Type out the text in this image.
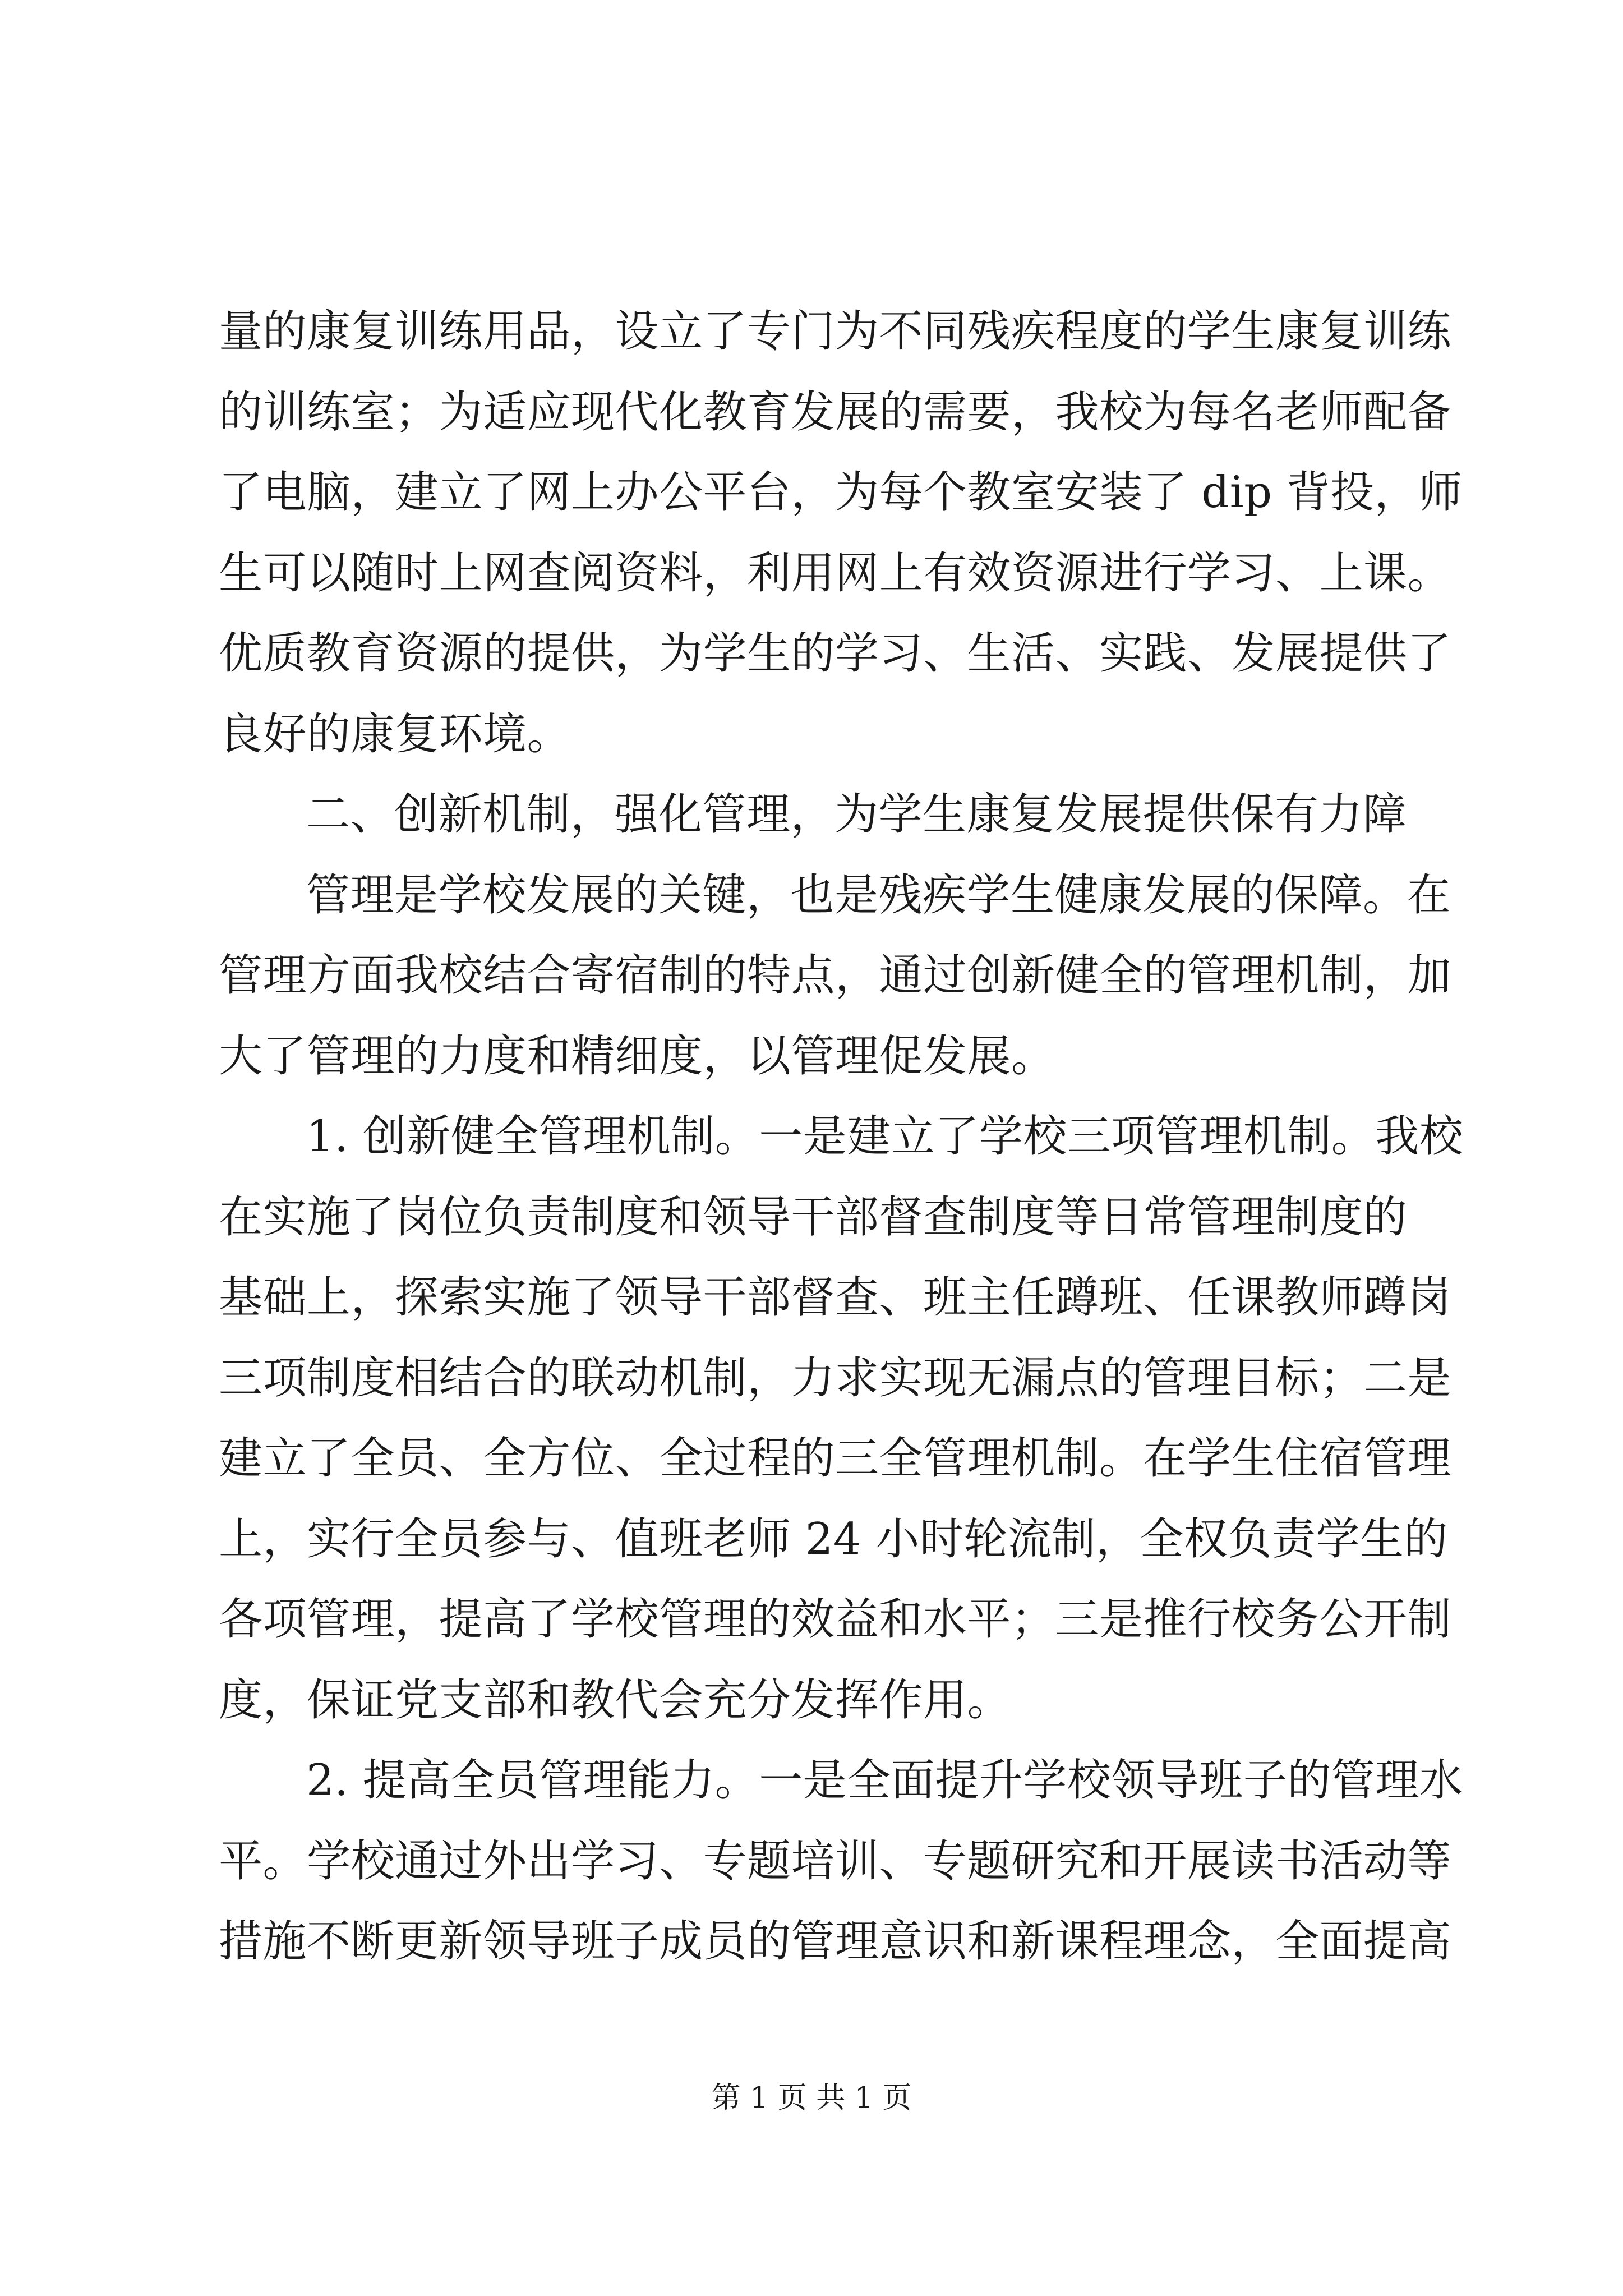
量的康复训练用品，设立了专门为不同残疾程度的学生康复训练
的训练室；为适应现代化教育发展的需要，我校为每名老师配备
了电脑，建立了网上办公平台，为每个教室安装了 dip 背投，师
生可以随时上网查阅资料，利用网上有效资源进行学习、上课。
优质教育资源的提供，为学生的学习、生活、实践、发展提供了
良好的康复环境。
二、创新机制，强化管理，为学生康复发展提供保有力障
管理是学校发展的关键，也是残疾学生健康发展的保障。在
管理方面我校结合寄宿制的特点，通过创新健全的管理机制，加
大了管理的力度和精细度，以管理促发展。
1. 创新健全管理机制。一是建立了学校三项管理机制。我校
在实施了岗位负责制度和领导干部督查制度等日常管理制度的
基础上，探索实施了领导干部督查、班主任蹲班、任课教师蹲岗
三项制度相结合的联动机制，力求实现无漏点的管理目标；二是
建立了全员、全方位、全过程的三全管理机制。在学生住宿管理
上，实行全员参与、值班老师 24 小时轮流制，全权负责学生的
各项管理，提高了学校管理的效益和水平；三是推行校务公开制
度，保证党支部和教代会充分发挥作用。
2. 提高全员管理能力。一是全面提升学校领导班子的管理水
平。学校通过外出学习、专题培训、专题研究和开展读书活动等
措施不断更新领导班子成员的管理意识和新课程理念，全面提高
第 1 页 共 1 页
